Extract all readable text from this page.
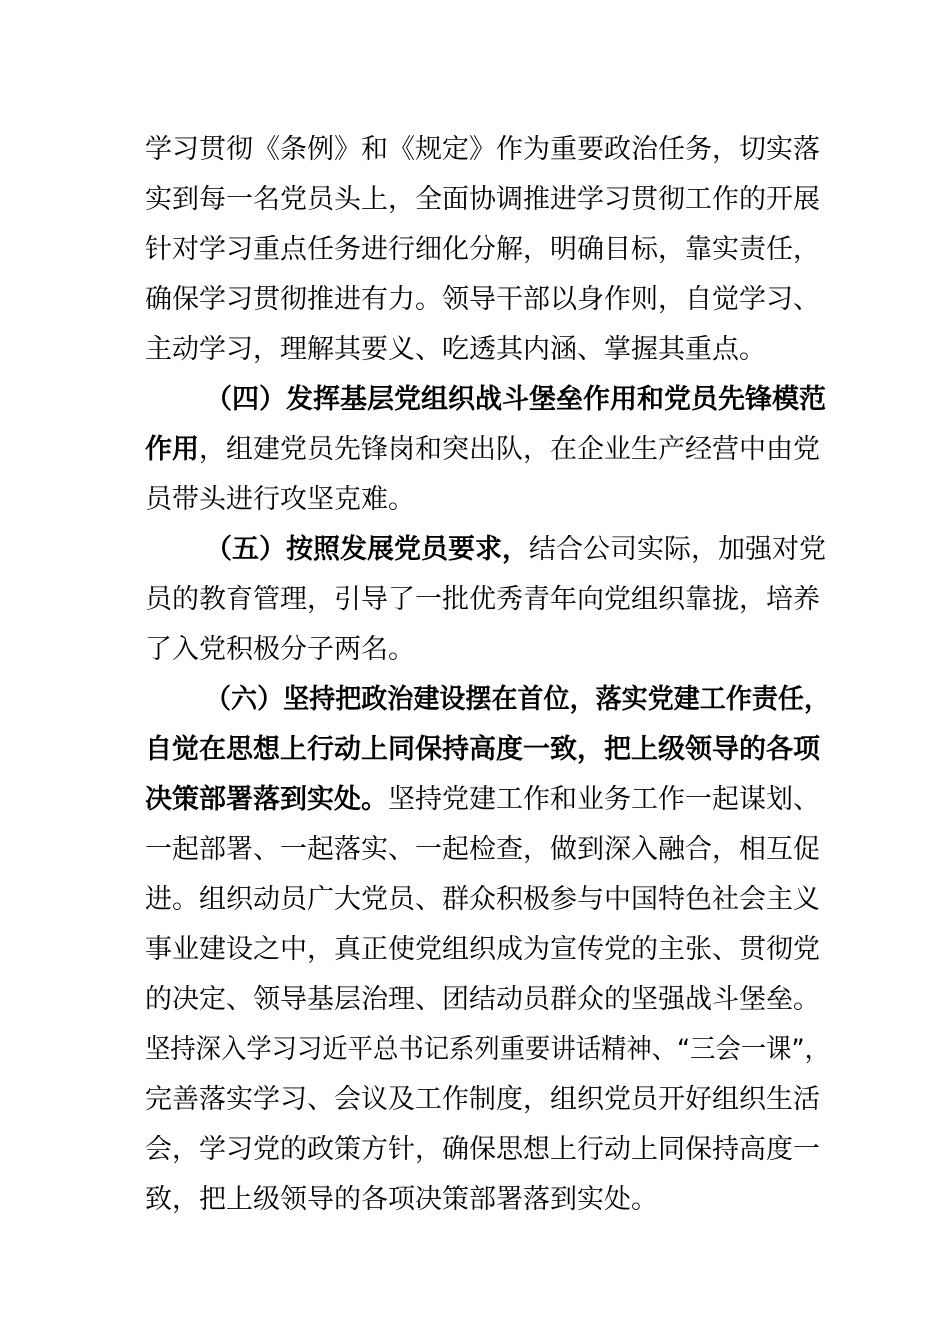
学习贯彻《条例》和《规定》作为重要政治任务，切实落
实到每一名党员头上，全面协调推进学习贯彻工作的开展
针对学习重点任务进行细化分解，明确目标，靠实责任，
确保学习贯彻推进有力。领导干部以身作则，自觉学习、
主动学习，理解其要义、吃透其内涵、掌握其重点。
（四）发挥基层党组织战斗堡垒作用和党员先锋模范
作用，组建党员先锋岗和突出队，在企业生产经营中由党
员带头进行攻坚克难。
（五）按照发展党员要求，结合公司实际，加强对党
员的教育管理，引导了一批优秀青年向党组织靠拢，培养
了入党积极分子两名。
（六）坚持把政治建设摆在首位，落实党建工作责任，
自觉在思想上行动上同保持高度一致，把上级领导的各项
决策部署落到实处。坚持党建工作和业务工作一起谋划、
一起部署、一起落实、一起检查，做到深入融合，相互促
进。组织动员广大党员、群众积极参与中国特色社会主义
事业建设之中，真正使党组织成为宣传党的主张、贯彻党
的决定、领导基层治理、团结动员群众的坚强战斗堡垒。
坚持深入学习习近平总书记系列重要讲话精神、“三会一课”，
完善落实学习、会议及工作制度，组织党员开好组织生活
会，学习党的政策方针，确保思想上行动上同保持高度一
致，把上级领导的各项决策部署落到实处。
